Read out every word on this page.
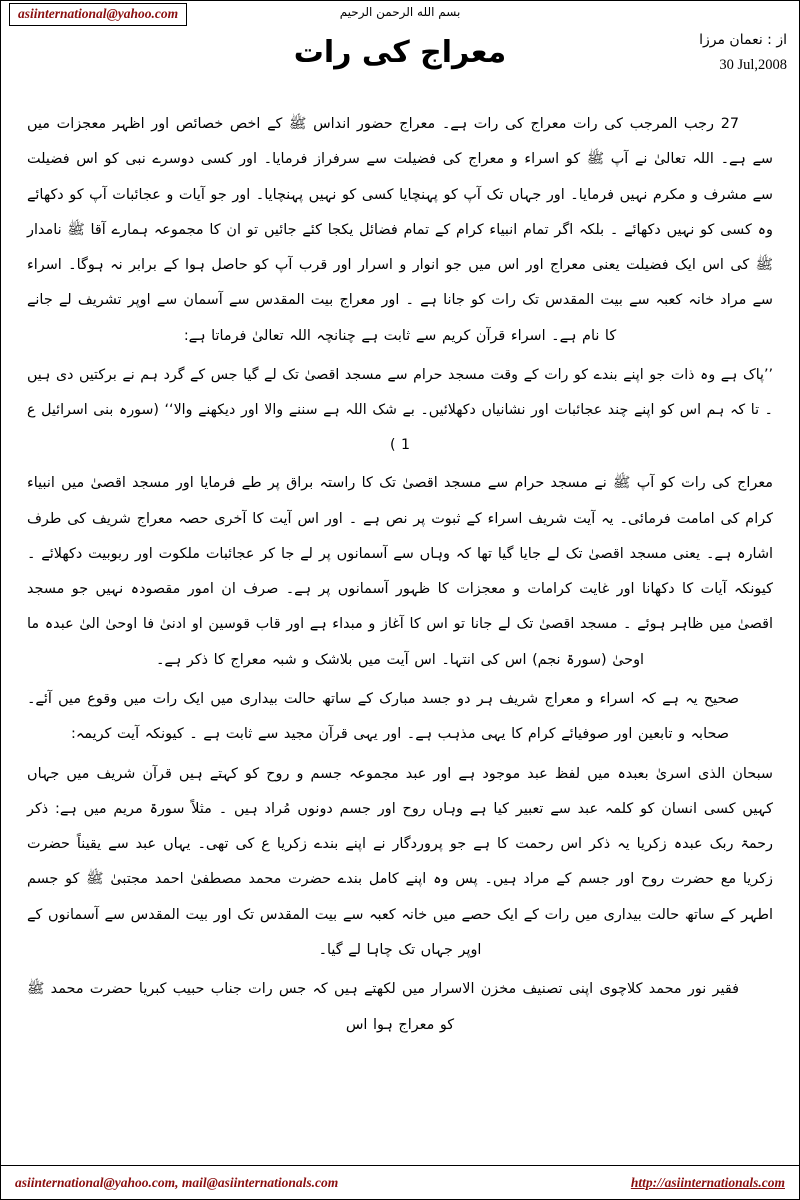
asiinternational@yahoo.com	بسم الله الرحمن الرحیم
از : نعمان مرزا
30 Jul,2008
معراج کی رات

27 رجب المرجب کی رات معراج کی رات ہے۔ معراج حضور انداس ﷺ کے اخص خصائص اور اظہر معجزات میں سے ہے۔ اللہ تعالیٰ نے آپ ﷺ کو اسراء و معراج کی فضیلت سے سرفراز فرمایا۔ اور کسی دوسرے نبی کو اس فضیلت سے مشرف و مکرم نہیں فرمایا۔ اور جہاں تک آپ کو پہنچایا کسی کو نہیں پہنچایا۔ اور جو آیات و عجائبات آپ کو دکھائے وہ کسی کو نہیں دکھائے ۔ بلکہ اگر تمام انبیاء کرام کے تمام فضائل یکجا کئے جائیں تو ان کا مجموعہ ہمارے آقا ﷺ نامدار ﷺ کی اس ایک فضیلت یعنی معراج اور اس میں جو انوار و اسرار اور قرب آپ کو حاصل ہوا کے برابر نہ ہوگا۔ اسراء سے مراد خانہ کعبہ سے بیت المقدس تک رات کو جانا ہے ۔ اور معراج بیت المقدس سے آسمان سے اوپر تشریف لے جانے کا نام ہے۔ اسراء قرآن کریم سے ثابت ہے چنانچہ اللہ تعالیٰ فرماتا ہے:

’’پاک ہے وہ ذات جو اپنے بندے کو رات کے وقت مسجد حرام سے مسجد اقصیٰ تک لے گیا جس کے گرد ہم نے برکتیں دی ہیں ۔ تا کہ ہم اس کو اپنے چند عجائبات اور نشانیاں دکھلائیں۔ بے شک اللہ ہے سننے والا اور دیکھنے والا‘‘ (سورہ بنی اسرائیل ع 1 )

معراج کی رات کو آپ ﷺ نے مسجد حرام سے مسجد اقصیٰ تک کا راستہ براق پر طے فرمایا اور مسجد اقصیٰ میں انبیاء کرام کی امامت فرمائی۔ یہ آیت شریف اسراء کے ثبوت پر نص ہے ۔ اور اس آیت کا آخری حصہ معراج شریف کی طرف اشارہ ہے۔ یعنی مسجد اقصیٰ تک لے جایا گیا تھا کہ وہاں سے آسمانوں پر لے جا کر عجائبات ملکوت اور ربوبیت دکھلائے ۔ کیونکہ آیات کا دکھانا اور غایت کرامات و معجزات کا ظہور آسمانوں پر ہے۔ صرف ان امور مقصودہ نہیں جو مسجد اقصیٰ میں ظاہر ہوئے ۔ مسجد اقصیٰ تک لے جانا تو اس کا آغاز و مبداء ہے اور قاب قوسین او ادنیٰ فا اوحیٰ الیٰ عبدہ ما اوحیٰ (سورۃ نجم) اس کی انتہا۔ اس آیت میں بلاشک و شبہ معراج کا ذکر ہے۔

صحیح یہ ہے کہ اسراء و معراج شریف ہر دو جسد مبارک کے ساتھ حالت بیداری میں ایک رات میں وقوع میں آئے۔ صحابہ و تابعین اور صوفیائے کرام کا یہی مذہب ہے۔ اور یہی قرآن مجید سے ثابت ہے ۔ کیونکہ آیت کریمہ:

سبحان الذی اسریٰ بعبدہ میں لفظ عبد موجود ہے اور عبد مجموعہ جسم و روح کو کہتے ہیں قرآن شریف میں جہاں کہیں کسی انسان کو کلمہ عبد سے تعبیر کیا ہے وہاں روح اور جسم دونوں مُراد ہیں ۔ مثلاً سورۃ مریم میں ہے: ذکر رحمۃ ربک عبدہ زکریا یہ ذکر اس رحمت کا ہے جو پروردگار نے اپنے بندے زکریا ع کی تھی۔ یہاں عبد سے یقیناً حضرت زکریا مع حضرت روح اور جسم کے مراد ہیں۔ پس وہ اپنے کامل بندے حضرت محمد مصطفیٰ احمد مجتبیٰ ﷺ کو جسم اطہر کے ساتھ حالت بیداری میں رات کے ایک حصے میں خانہ کعبہ سے بیت المقدس تک اور بیت المقدس سے آسمانوں کے اوپر جہاں تک چاہا لے گیا۔

فقیر نور محمد کلاچوی اپنی تصنیف مخزن الاسرار میں لکھتے ہیں کہ جس رات جناب حبیب کبریا حضرت محمد ﷺ کو معراج ہوا اس

asiinternational@yahoo.com, mail@asiinternationals.com	http://asiinternationals.com
